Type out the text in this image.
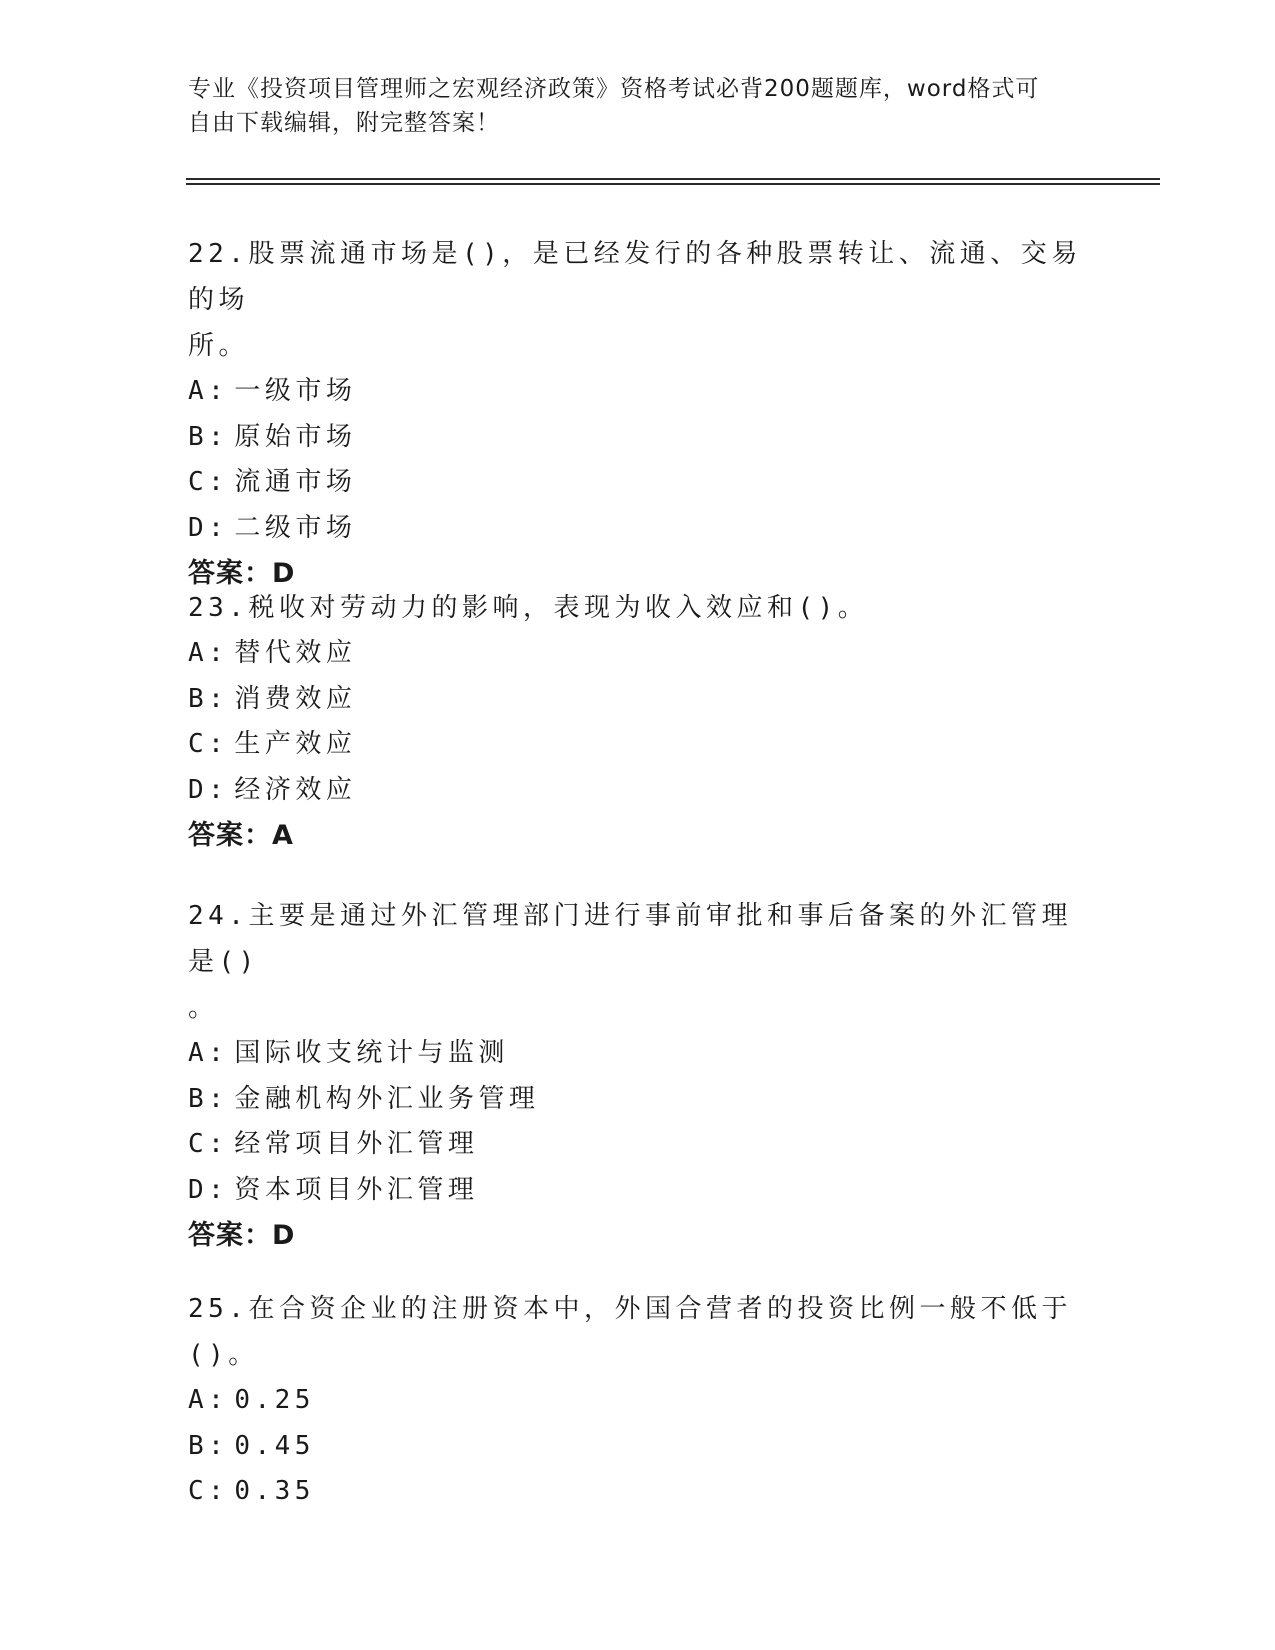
专业《投资项目管理师之宏观经济政策》资格考试必背200题题库，word格式可

自由下载编辑，附完整答案！

22.股票流通市场是()，是已经发行的各种股票转让、流通、交易的场

所。

A: 一级市场

B: 原始市场

C: 流通市场

D: 二级市场

答案：D

23.税收对劳动力的影响，表现为收入效应和()。

A: 替代效应

B: 消费效应

C: 生产效应

D: 经济效应

答案：A

24.主要是通过外汇管理部门进行事前审批和事后备案的外汇管理是()

。

A: 国际收支统计与监测

B: 金融机构外汇业务管理

C: 经常项目外汇管理

D: 资本项目外汇管理

答案：D

25.在合资企业的注册资本中，外国合营者的投资比例一般不低于()。

A: 0.25

B: 0.45

C: 0.35
